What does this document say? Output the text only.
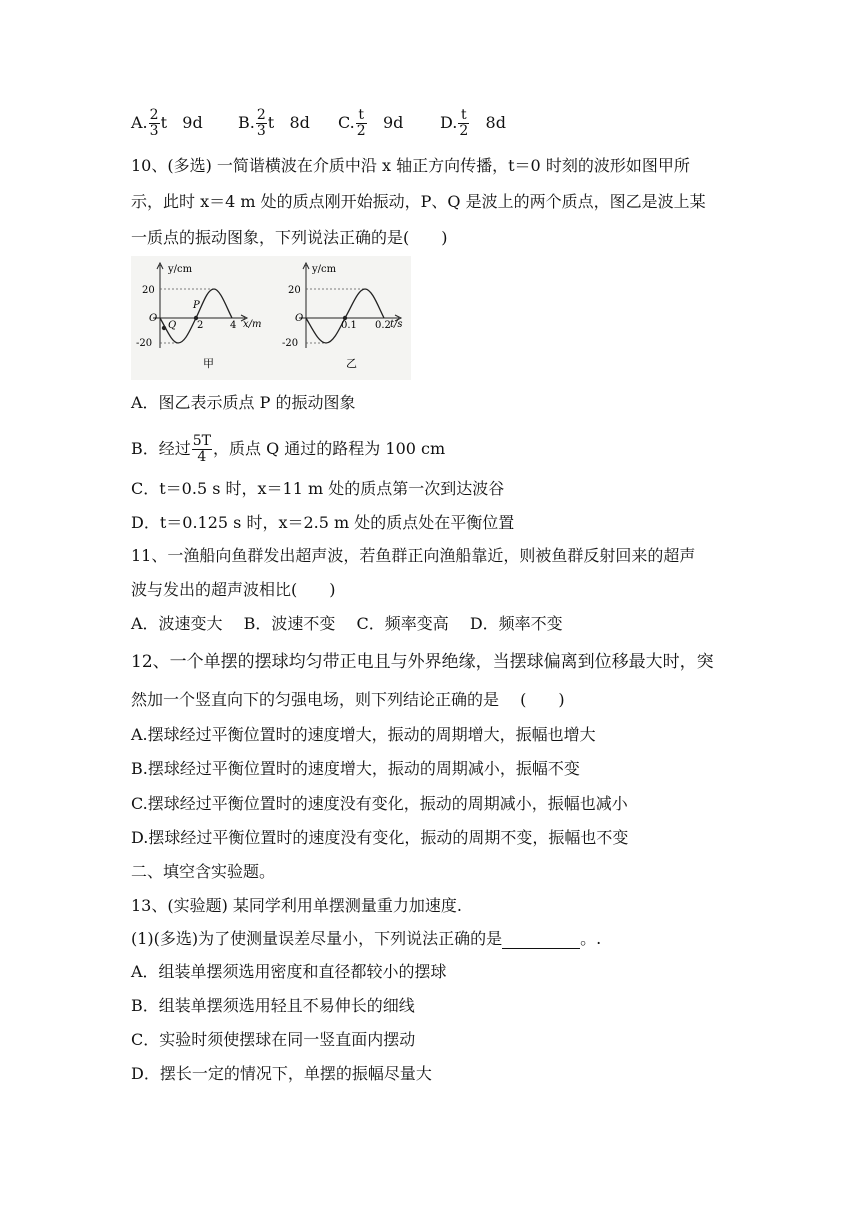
A. $\frac{2}{3}$ t 9d B. $\frac{2}{3}$ t 8d C. $\frac{t}{2} 9d$ D. $\frac{t}{2} 8d$
10、(多选) 一简谐横波在介质中沿 x 轴正方向传播，t＝0 时刻的波形如图甲所
示，此时 x＝4 m 处的质点刚开始振动，P、Q 是波上的两个质点，图乙是波上某
一质点的振动图象，下列说法正确的是(　　)
y/cm
20
-20
O
Q
P
2	4 x/m
甲
y/cm
20
-20
O
0.1 0.2 t/s
乙
A．图乙表示质点 P 的振动图象
B．经过 $\frac{5T}{4}$ ，质点 Q 通过的路程为 100 cm
C．t＝0.5 s 时，x＝11 m 处的质点第一次到达波谷
D．t＝0.125 s 时，x＝2.5 m 处的质点处在平衡位置
11、一渔船向鱼群发出超声波，若鱼群正向渔船靠近，则被鱼群反射回来的超声
波与发出的超声波相比(　　)
A．波速变大　 B．波速不变　 C．频率变高　 D．频率不变
12、一个单摆的摆球均匀带正电且与外界绝缘，当摆球偏离到位移最大时，突
然加一个竖直向下的匀强电场，则下列结论正确的是　 (　　)
A.摆球经过平衡位置时的速度增大，振动的周期增大，振幅也增大
B.摆球经过平衡位置时的速度增大，振动的周期减小，振幅不变
C.摆球经过平衡位置时的速度没有变化，振动的周期减小，振幅也减小
D.摆球经过平衡位置时的速度没有变化，振动的周期不变，振幅也不变
二、填空含实验题。
13、(实验题) 某同学利用单摆测量重力加速度.
(1)(多选)为了使测量误差尽量小，下列说法正确的是	。.
A．组装单摆须选用密度和直径都较小的摆球
B．组装单摆须选用轻且不易伸长的细线
C．实验时须使摆球在同一竖直面内摆动
D．摆长一定的情况下，单摆的振幅尽量大
